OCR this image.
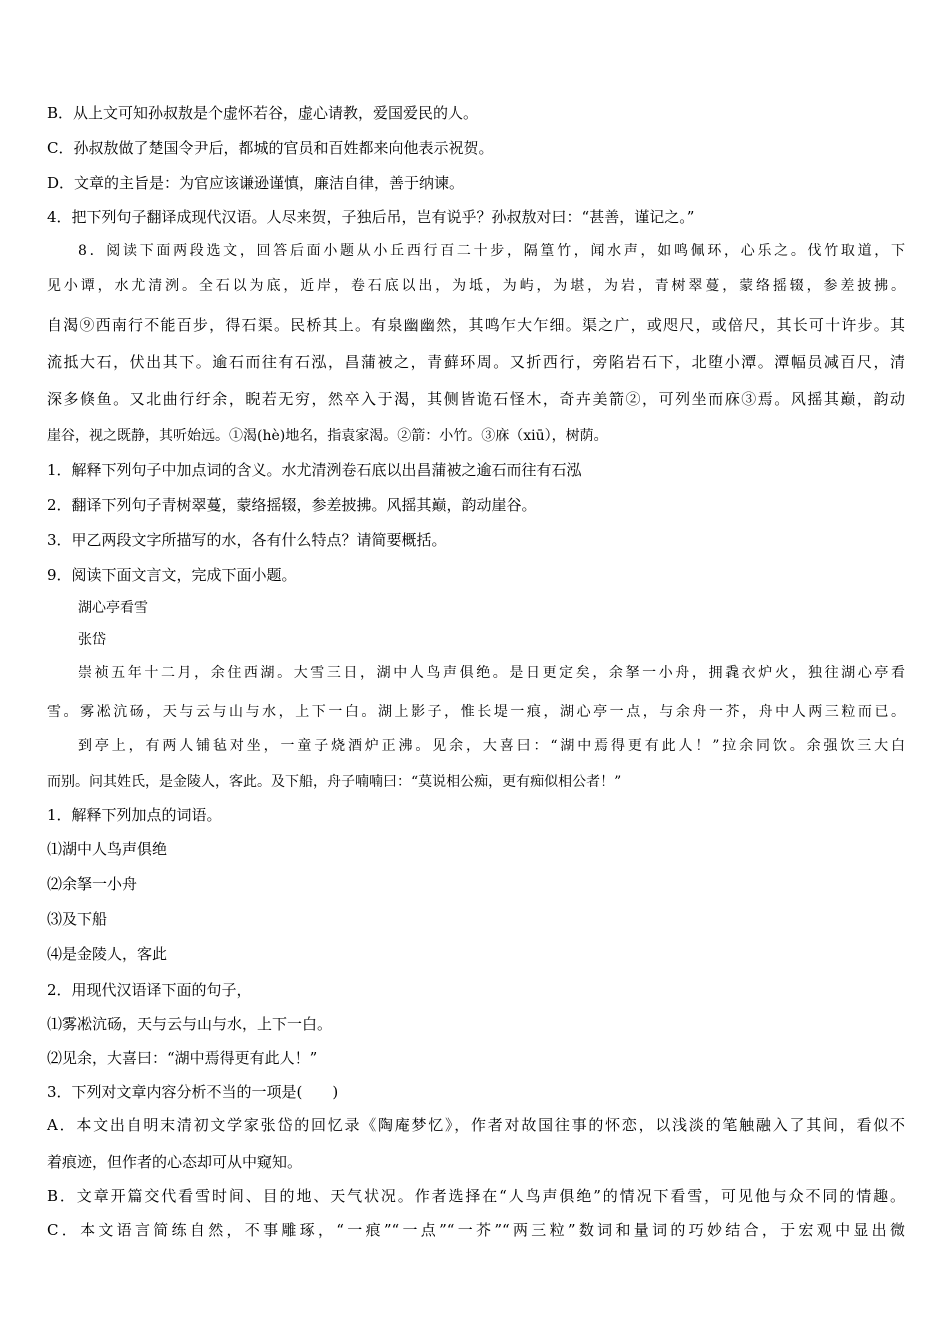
B．从上文可知孙叔敖是个虚怀若谷，虚心请教，爱国爱民的人。
C．孙叔敖做了楚国令尹后，都城的官员和百姓都来向他表示祝贺。
D．文章的主旨是：为官应该谦逊谨慎，廉洁自律，善于纳谏。
4．把下列句子翻译成现代汉语。人尽来贺，子独后吊，岂有说乎？孙叔敖对曰：“甚善，谨记之。”
8．阅读下面两段选文，回答后面小题从小丘西行百二十步，隔篁竹，闻水声，如鸣佩环，心乐之。伐竹取道，下
见小谭，水尤清洌。全石以为底，近岸，卷石底以出，为坻，为屿，为堪，为岩，青树翠蔓，蒙络摇辍，参差披拂。
自渴⑨西南行不能百步，得石渠。民桥其上。有泉幽幽然，其鸣乍大乍细。渠之广，或咫尺，或倍尺，其长可十许步。其
流抵大石，伏出其下。逾石而往有石泓，昌蒲被之，青藓环周。又折西行，旁陷岩石下，北堕小潭。潭幅员减百尺，清
深多倏鱼。又北曲行纡余，睨若无穷，然卒入于渴，其侧皆诡石怪木，奇卉美箭②，可列坐而庥③焉。风摇其巅，韵动
崖谷，视之既静，其听始远。①渴(hè)地名，指袁家渴。②箭：小竹。③庥（xiū），树荫。
1．解释下列句子中加点词的含义。水尤清洌卷石底以出昌蒲被之逾石而往有石泓
2．翻译下列句子青树翠蔓，蒙络摇辍，参差披拂。风摇其巅，韵动崖谷。
3．甲乙两段文字所描写的水，各有什么特点？请简要概括。
9．阅读下面文言文，完成下面小题。
湖心亭看雪
张岱
崇祯五年十二月，余住西湖。大雪三日，湖中人鸟声俱绝。是日更定矣，余拏一小舟，拥毳衣炉火，独往湖心亭看
雪。雾凇沆砀，天与云与山与水，上下一白。湖上影子，惟长堤一痕，湖心亭一点，与余舟一芥，舟中人两三粒而已。
到亭上，有两人铺毡对坐，一童子烧酒炉正沸。见余，大喜曰：“湖中焉得更有此人！”拉余同饮。余强饮三大白
而别。问其姓氏，是金陵人，客此。及下船，舟子喃喃曰：“莫说相公痴，更有痴似相公者！”
1．解释下列加点的词语。
⑴湖中人鸟声俱绝
⑵余拏一小舟
⑶及下船
⑷是金陵人，客此
2．用现代汉语译下面的句子，
⑴雾凇沆砀，天与云与山与水，上下一白。
⑵见余，大喜曰：“湖中焉得更有此人！”
3．下列对文章内容分析不当的一项是(　　)
A．本文出自明末清初文学家张岱的回忆录《陶庵梦忆》，作者对故国往事的怀恋，以浅淡的笔触融入了其间，看似不
着痕迹，但作者的心态却可从中窥知。
B．文章开篇交代看雪时间、目的地、天气状况。作者选择在“人鸟声俱绝”的情况下看雪，可见他与众不同的情趣。
C．本文语言简练自然，不事雕琢，“一痕”“一点”“一芥”“两三粒”数词和量词的巧妙结合，于宏观中显出微
